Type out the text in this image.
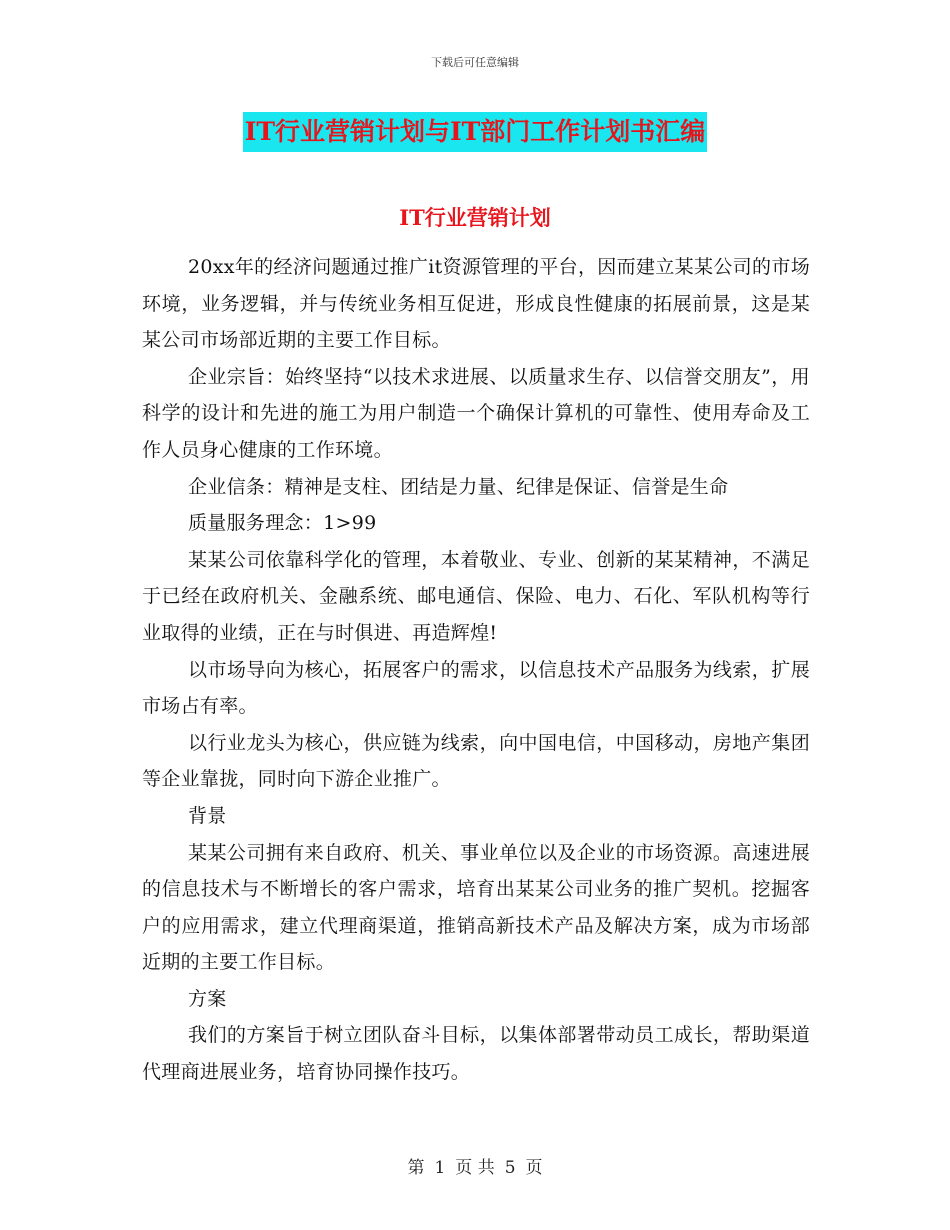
下载后可任意编辑
IT行业营销计划与IT部门工作计划书汇编
IT行业营销计划

20xx年的经济问题通过推广it资源管理的平台，因而建立某某公司的市场环境，业务逻辑，并与传统业务相互促进，形成良性健康的拓展前景，这是某某公司市场部近期的主要工作目标。

企业宗旨：始终坚持“以技术求进展、以质量求生存、以信誉交朋友”，用科学的设计和先进的施工为用户制造一个确保计算机的可靠性、使用寿命及工作人员身心健康的工作环境。

企业信条：精神是支柱、团结是力量、纪律是保证、信誉是生命

质量服务理念：1>99

某某公司依靠科学化的管理，本着敬业、专业、创新的某某精神，不满足于已经在政府机关、金融系统、邮电通信、保险、电力、石化、军队机构等行业取得的业绩，正在与时俱进、再造辉煌!

以市场导向为核心，拓展客户的需求，以信息技术产品服务为线索，扩展市场占有率。

以行业龙头为核心，供应链为线索，向中国电信，中国移动，房地产集团等企业靠拢，同时向下游企业推广。

背景

某某公司拥有来自政府、机关、事业单位以及企业的市场资源。高速进展的信息技术与不断增长的客户需求，培育出某某公司业务的推广契机。挖掘客户的应用需求，建立代理商渠道，推销高新技术产品及解决方案，成为市场部近期的主要工作目标。

方案

我们的方案旨于树立团队奋斗目标，以集体部署带动员工成长，帮助渠道代理商进展业务，培育协同操作技巧。

第 1 页 共 5 页
